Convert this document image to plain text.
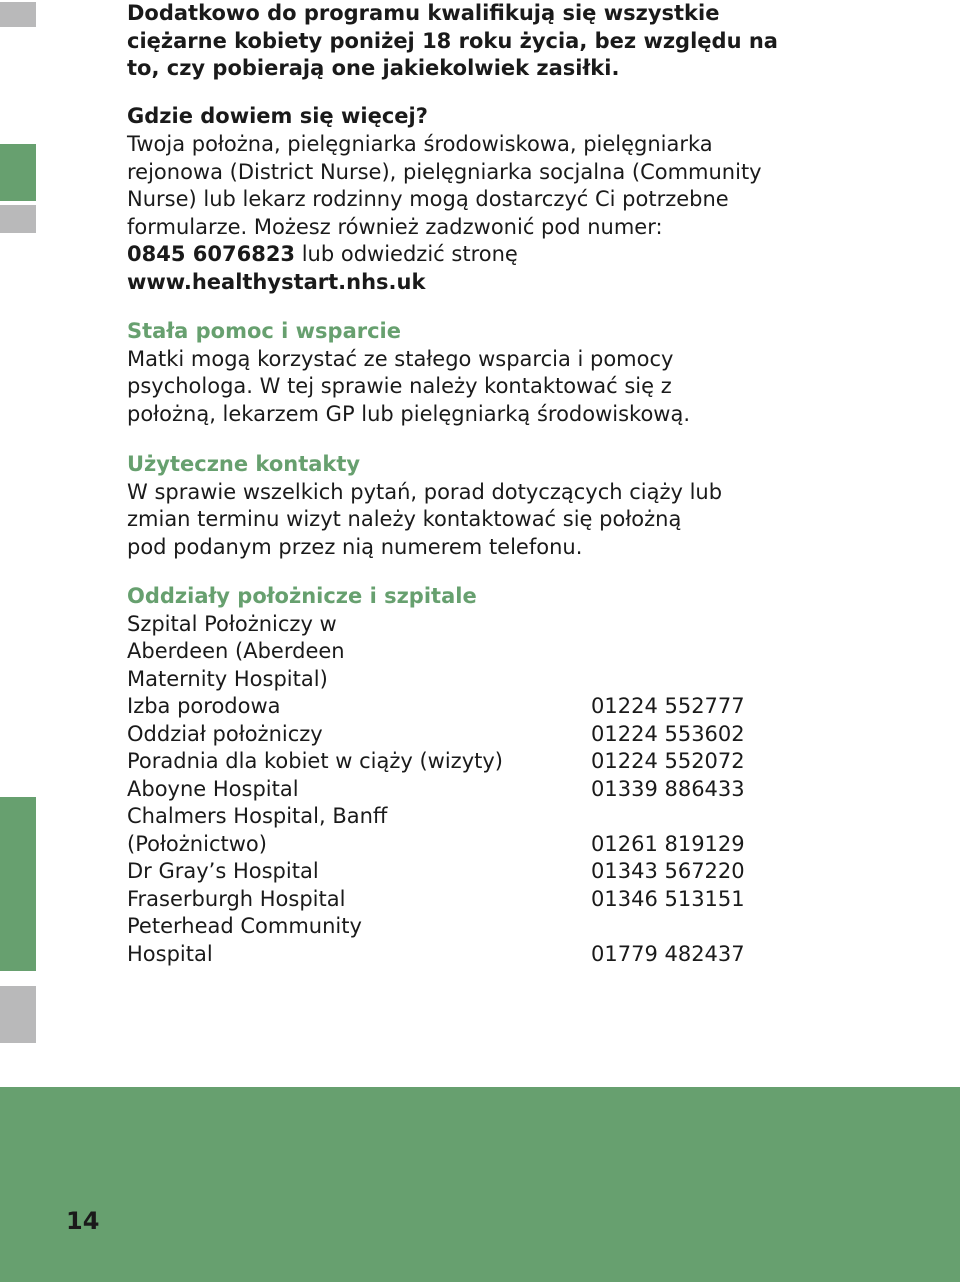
Dodatkowo do programu kwalifikują się wszystkie
ciężarne kobiety poniżej 18 roku życia, bez względu na
to, czy pobierają one jakiekolwiek zasiłki.
Gdzie dowiem się więcej?
Twoja położna, pielęgniarka środowiskowa, pielęgniarka
rejonowa (District Nurse), pielęgniarka socjalna (Community
Nurse) lub lekarz rodzinny mogą dostarczyć Ci potrzebne
formularze. Możesz również zadzwonić pod numer:
0845 6076823 lub odwiedzić stronę
www.healthystart.nhs.uk
Stała pomoc i wsparcie
Matki mogą korzystać ze stałego wsparcia i pomocy
psychologa. W tej sprawie należy kontaktować się z
położną, lekarzem GP lub pielęgniarką środowiskową.
Użyteczne kontakty
W sprawie wszelkich pytań, porad dotyczących ciąży lub
zmian terminu wizyt należy kontaktować się położną
pod podanym przez nią numerem telefonu.
Oddziały położnicze i szpitale
Szpital Położniczy w
Aberdeen (Aberdeen
Maternity Hospital)
Izba porodowa	01224 552777
Oddział położniczy	01224 553602
Poradnia dla kobiet w ciąży (wizyty)	01224 552072
Aboyne Hospital	01339 886433
Chalmers Hospital, Banff
(Położnictwo)	01261 819129
Dr Gray’s Hospital	01343 567220
Fraserburgh Hospital	01346 513151
Peterhead Community
Hospital	01779 482437
14
